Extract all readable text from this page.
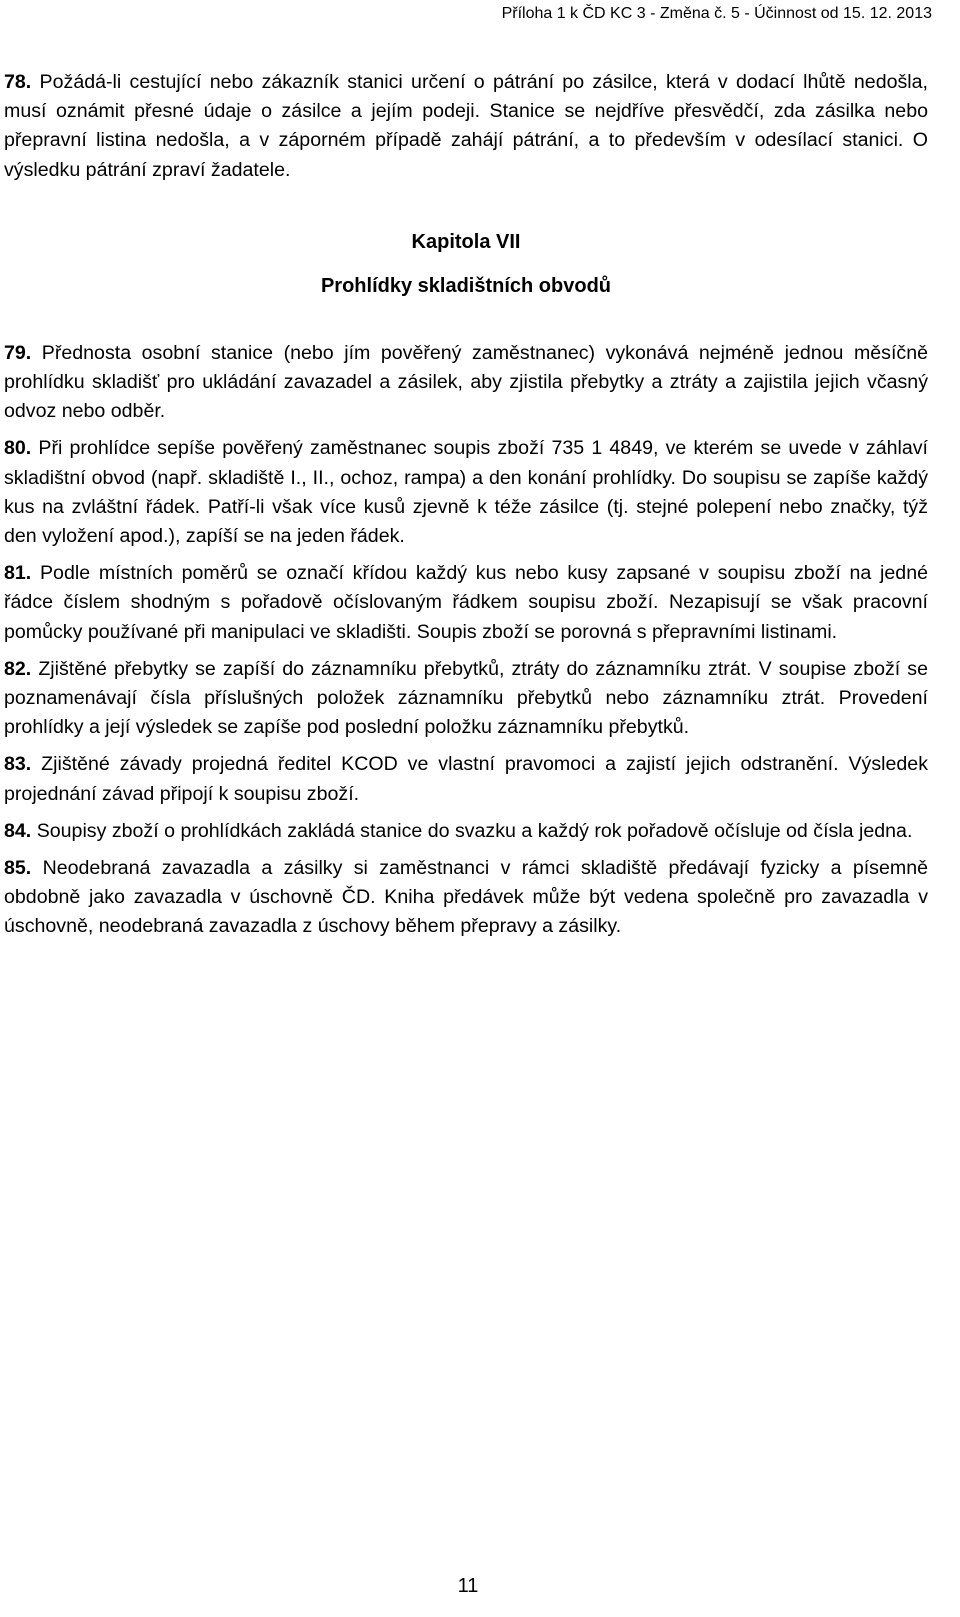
Příloha 1 k ČD KC 3 - Změna č. 5 - Účinnost od 15. 12. 2013

78. Požádá-li cestující nebo zákazník stanici určení o pátrání po zásilce, která v dodací lhůtě nedošla, musí oznámit přesné údaje o zásilce a jejím podeji. Stanice se nejdříve přesvědčí, zda zásilka nebo přepravní listina nedošla, a v záporném případě zahájí pátrání, a to především v odesílací stanici. O výsledku pátrání zpraví žadatele.

Kapitola VII

Prohlídky skladištních obvodů

79. Přednosta osobní stanice (nebo jím pověřený zaměstnanec) vykonává nejméně jednou měsíčně prohlídku skladišť pro ukládání zavazadel a zásilek, aby zjistila přebytky a ztráty a zajistila jejich včasný odvoz nebo odběr.

80. Při prohlídce sepíše pověřený zaměstnanec soupis zboží 735 1 4849, ve kterém se uvede v záhlaví skladištní obvod (např. skladiště I., II., ochoz, rampa) a den konání prohlídky. Do soupisu se zapíše každý kus na zvláštní řádek. Patří-li však více kusů zjevně k téže zásilce (tj. stejné polepení nebo značky, týž den vyložení apod.), zapíší se na jeden řádek.

81. Podle místních poměrů se označí křídou každý kus nebo kusy zapsané v soupisu zboží na jedné řádce číslem shodným s pořadově očíslovaným řádkem soupisu zboží. Nezapisují se však pracovní pomůcky používané při manipulaci ve skladišti. Soupis zboží se porovná s přepravními listinami.

82. Zjištěné přebytky se zapíší do záznamníku přebytků, ztráty do záznamníku ztrát. V soupise zboží se poznamenávají čísla příslušných položek záznamníku přebytků nebo záznamníku ztrát. Provedení prohlídky a její výsledek se zapíše pod poslední položku záznamníku přebytků.

83. Zjištěné závady projedná ředitel KCOD ve vlastní pravomoci a zajistí jejich odstranění. Výsledek projednání závad připojí k soupisu zboží.

84. Soupisy zboží o prohlídkách zakládá stanice do svazku a každý rok pořadově očísluje od čísla jedna.

85. Neodebraná zavazadla a zásilky si zaměstnanci v rámci skladiště předávají fyzicky a písemně obdobně jako zavazadla v úschovně ČD. Kniha předávek může být vedena společně pro zavazadla v úschovně, neodebraná zavazadla z úschovy během přepravy a zásilky.

11
